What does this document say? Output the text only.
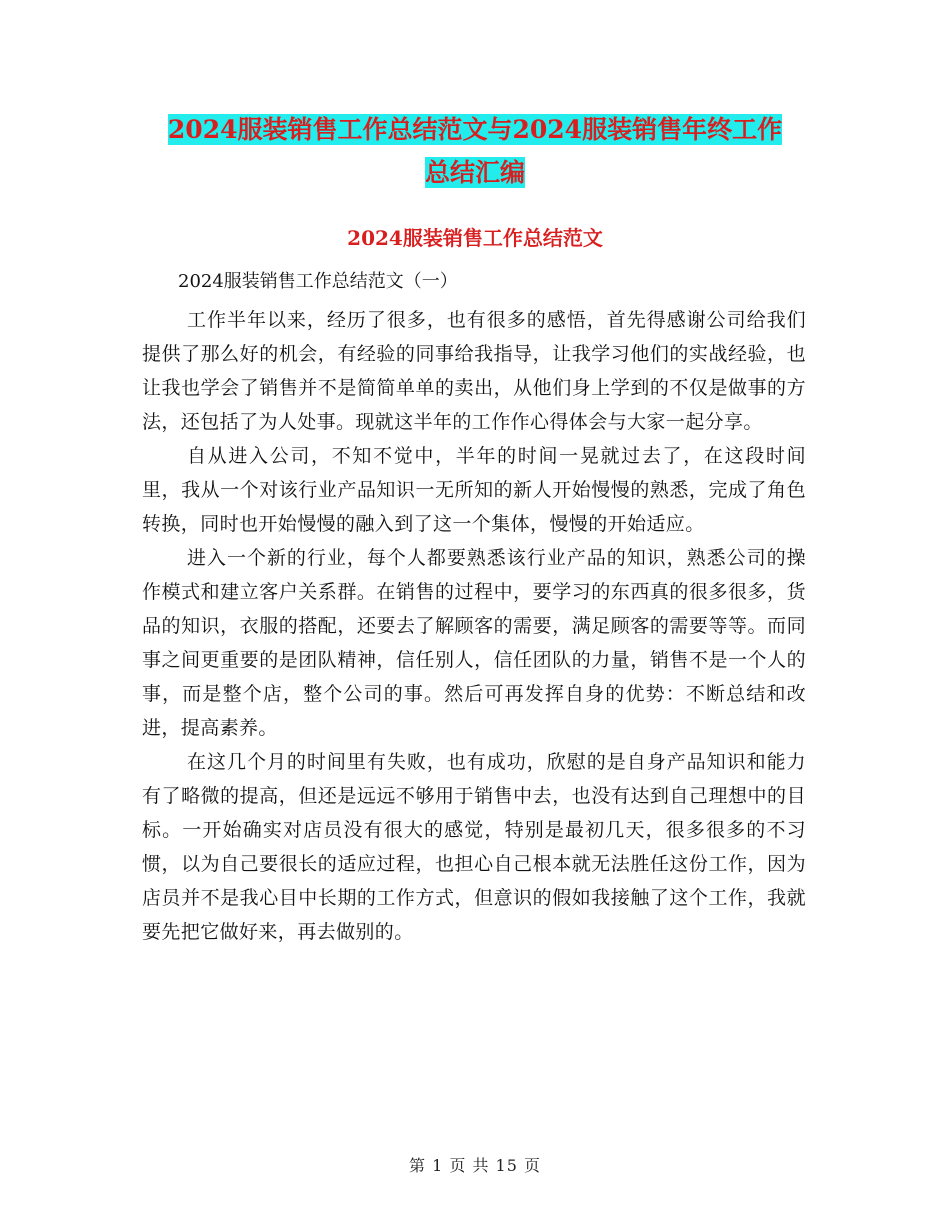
2024服装销售工作总结范文与2024服装销售年终工作
总结汇编
2024服装销售工作总结范文

2024服装销售工作总结范文（一）

工作半年以来，经历了很多，也有很多的感悟，首先得感谢公司给我们提供了那么好的机会，有经验的同事给我指导，让我学习他们的实战经验，也让我也学会了销售并不是简简单单的卖出，从他们身上学到的不仅是做事的方法，还包括了为人处事。现就这半年的工作作心得体会与大家一起分享。

自从进入公司，不知不觉中，半年的时间一晃就过去了，在这段时间里，我从一个对该行业产品知识一无所知的新人开始慢慢的熟悉，完成了角色转换，同时也开始慢慢的融入到了这一个集体，慢慢的开始适应。

进入一个新的行业，每个人都要熟悉该行业产品的知识，熟悉公司的操作模式和建立客户关系群。在销售的过程中，要学习的东西真的很多很多，货品的知识，衣服的搭配，还要去了解顾客的需要，满足顾客的需要等等。而同事之间更重要的是团队精神，信任别人，信任团队的力量，销售不是一个人的事，而是整个店，整个公司的事。然后可再发挥自身的优势：不断总结和改进，提高素养。

在这几个月的时间里有失败，也有成功，欣慰的是自身产品知识和能力有了略微的提高，但还是远远不够用于销售中去，也没有达到自己理想中的目标。一开始确实对店员没有很大的感觉，特别是最初几天，很多很多的不习惯，以为自己要很长的适应过程，也担心自己根本就无法胜任这份工作，因为店员并不是我心目中长期的工作方式，但意识的假如我接触了这个工作，我就要先把它做好来，再去做别的。

第 1 页 共 15 页
